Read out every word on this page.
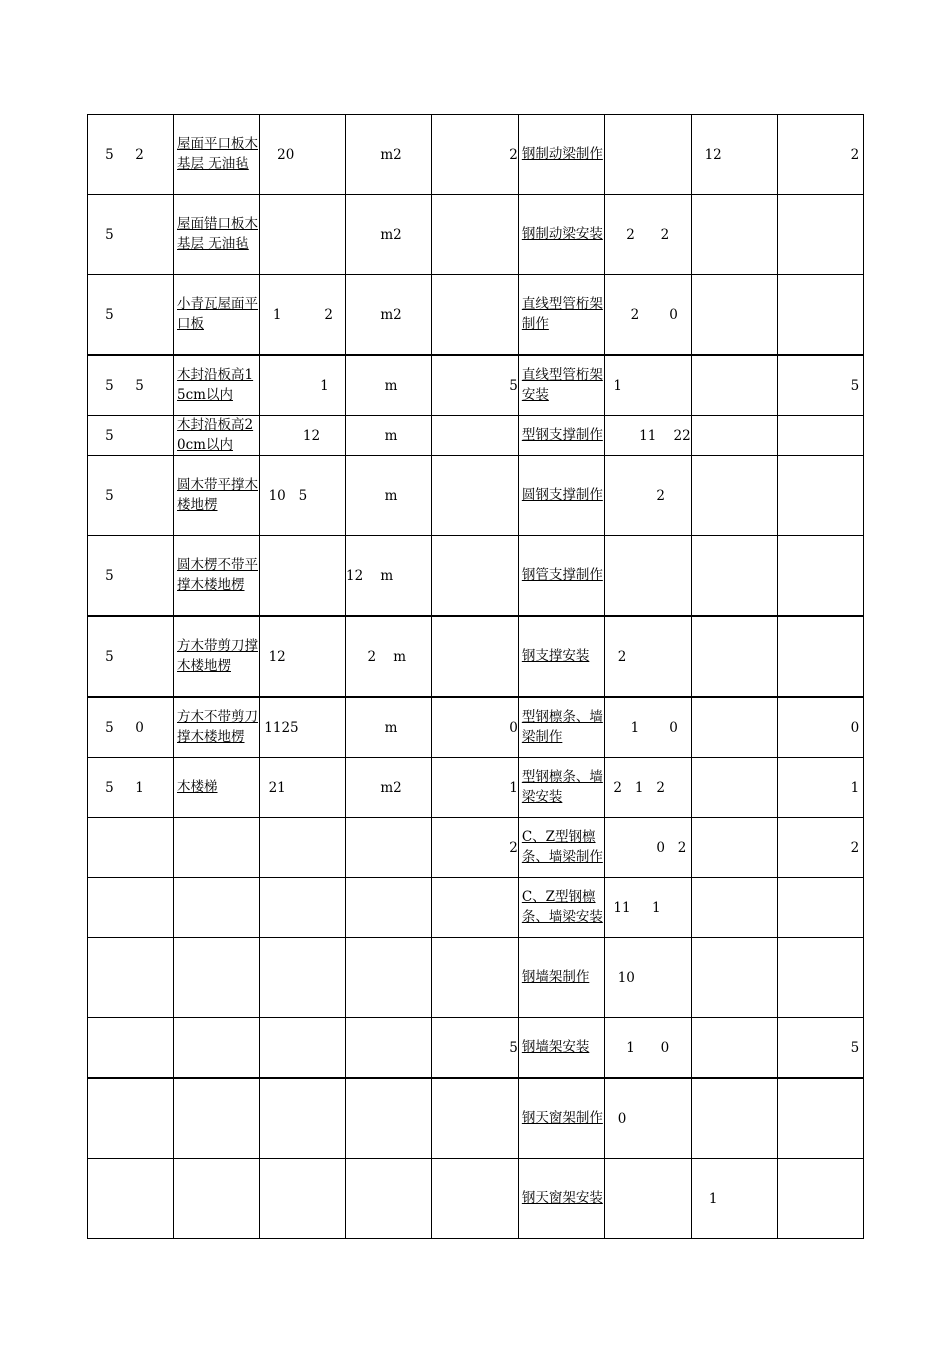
5     2	屋面平口板木基层 无油毡	20	m2	2	钢制动梁制作		12	2

5	屋面错口板木基层 无油毡		m2		钢制动梁安装	2      2		

5	小青瓦屋面平口板	1          2	m2		直线型管桁架制作	2       0		

5     5	木封沿板高15cm以内	1	m	5	直线型管桁架安装	1		5

5	木封沿板高20cm以内	12	m		型钢支撑制作	11    22		

5	圆木带平撑木楼地楞	10   5	m		圆钢支撑制作	2		

5	圆木楞不带平撑木楼地楞		12    m		钢管支撑制作			

5	方木带剪刀撑木楼地楞	12	2    m		钢支撑安装	2		

5     0	方木不带剪刀撑木楼地楞	1125	m	0	型钢檩条、墙梁制作	1       0		0

5     1	木楼梯	21	m2	1	型钢檩条、墙梁安装	2   1   2		1

				2	C、Z型钢檩条、墙梁制作	0   2		2

					C、Z型钢檩条、墙梁安装	11     1		

					钢墙架制作	10		

				5	钢墙架安装	1      0		5

					钢天窗架制作	0		

					钢天窗架安装		1	
